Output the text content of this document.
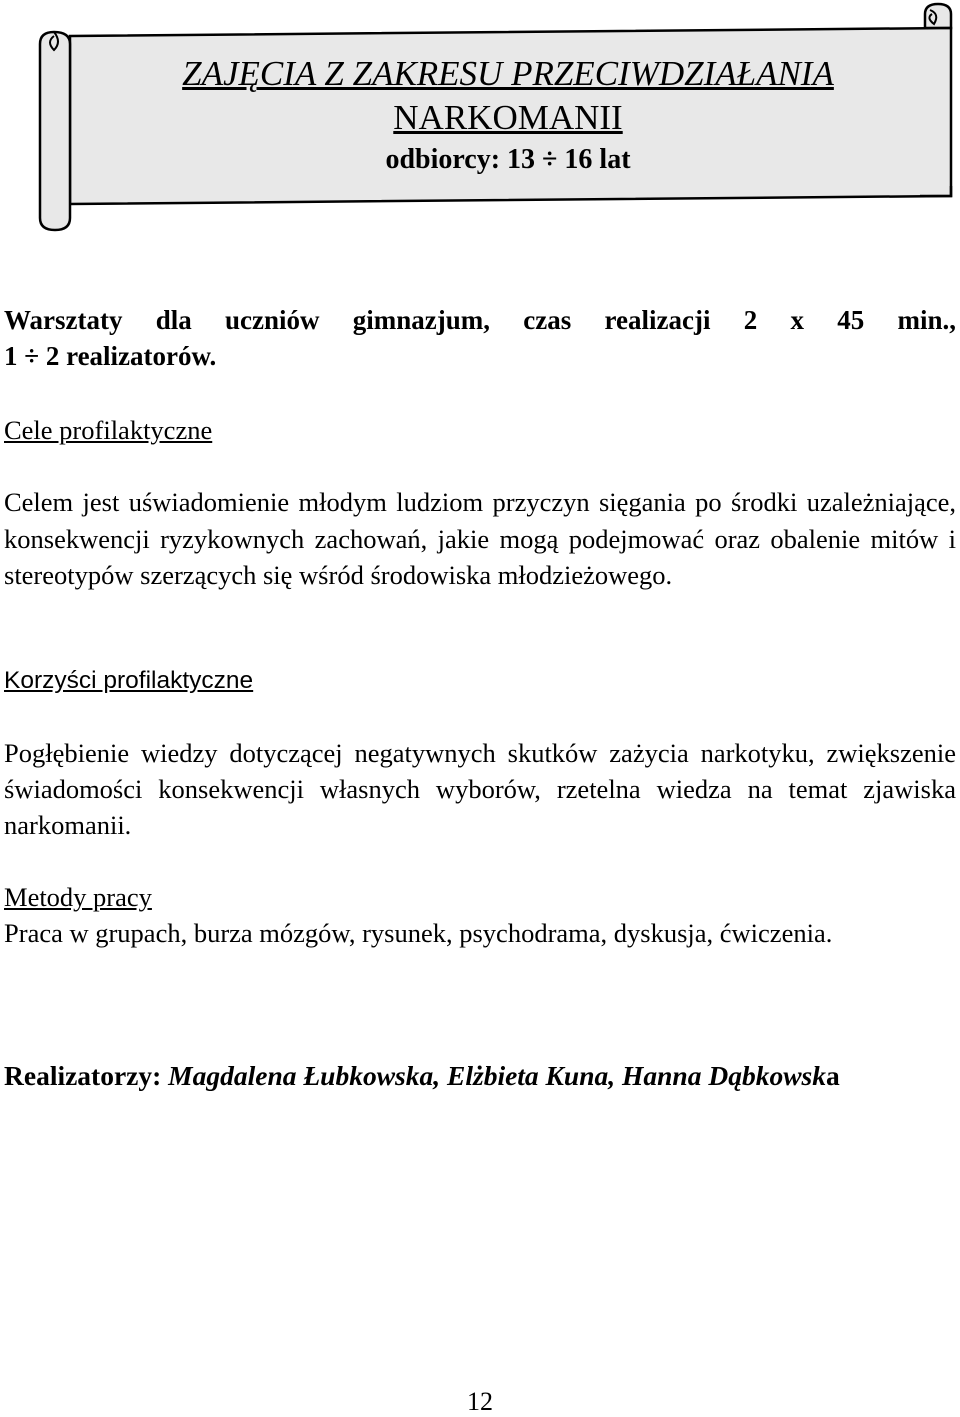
ZAJĘCIA Z ZAKRESU PRZECIWDZIAŁANIA
NARKOMANII
odbiorcy: 13 ÷ 16 lat
Warsztaty dla uczniów gimnazjum, czas realizacji 2 x 45 min.,
1 ÷ 2 realizatorów.
Cele profilaktyczne
Celem jest uświadomienie młodym ludziom przyczyn sięgania po środki uzależniające, konsekwencji ryzykownych zachowań, jakie mogą podejmować oraz obalenie mitów i stereotypów szerzących się wśród środowiska młodzieżowego.
Korzyści profilaktyczne
Pogłębienie wiedzy dotyczącej negatywnych skutków zażycia narkotyku, zwiększenie świadomości konsekwencji własnych wyborów, rzetelna wiedza na temat zjawiska narkomanii.
Metody pracy
Praca w grupach, burza mózgów, rysunek, psychodrama, dyskusja, ćwiczenia.
Realizatorzy: Magdalena Łubkowska, Elżbieta Kuna, Hanna Dąbkowska
12
